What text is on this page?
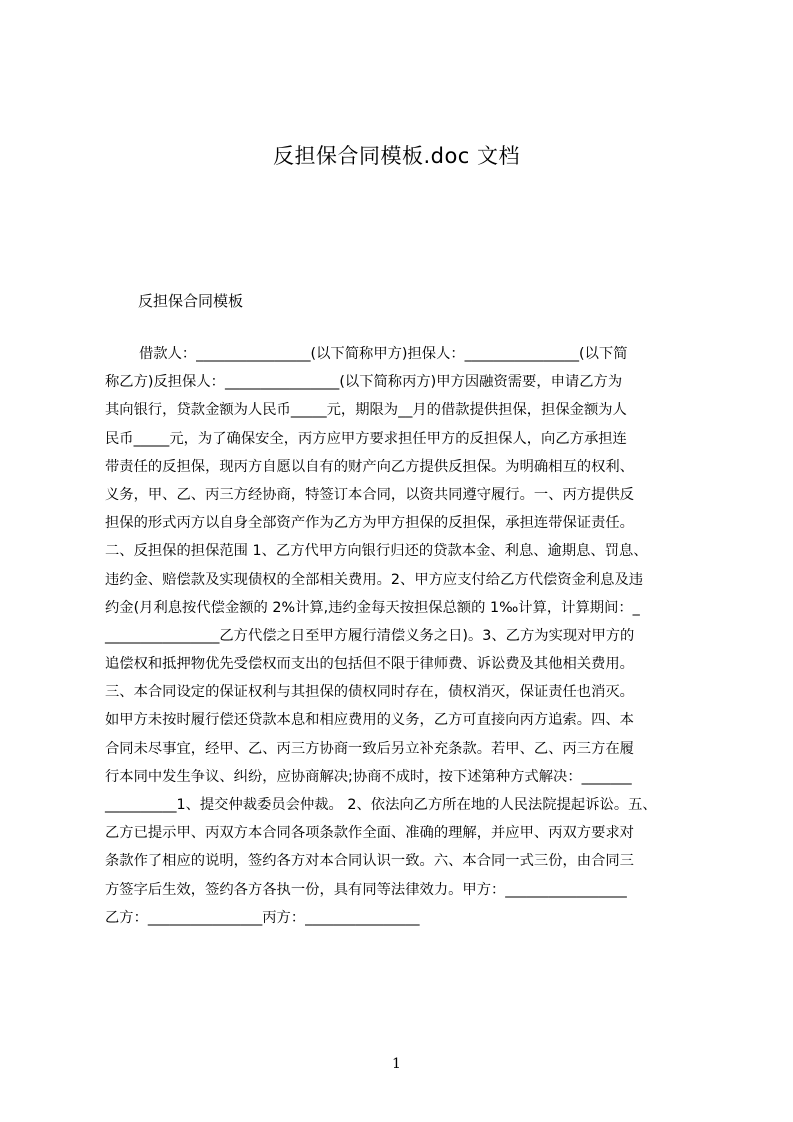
反担保合同模板.doc 文档
反担保合同模板
借款人：________________(以下简称甲方)担保人：________________(以下简
称乙方)反担保人：________________(以下简称丙方)甲方因融资需要，申请乙方为
其向银行，贷款金额为人民币_____元，期限为__月的借款提供担保，担保金额为人
民币_____元，为了确保安全，丙方应甲方要求担任甲方的反担保人，向乙方承担连
带责任的反担保，现丙方自愿以自有的财产向乙方提供反担保。为明确相互的权利、
义务，甲、乙、丙三方经协商，特签订本合同，以资共同遵守履行。一、丙方提供反
担保的形式丙方以自身全部资产作为乙方为甲方担保的反担保，承担连带保证责任。
二、反担保的担保范围 1、乙方代甲方向银行归还的贷款本金、利息、逾期息、罚息、
违约金、赔偿款及实现债权的全部相关费用。2、甲方应支付给乙方代偿资金利息及违
约金(月利息按代偿金额的 2%计算,违约金每天按担保总额的 1‰计算，计算期间：_
________________乙方代偿之日至甲方履行清偿义务之日)。3、乙方为实现对甲方的
追偿权和抵押物优先受偿权而支出的包括但不限于律师费、诉讼费及其他相关费用。
三、本合同设定的保证权利与其担保的债权同时存在，债权消灭，保证责任也消灭。
如甲方未按时履行偿还贷款本息和相应费用的义务，乙方可直接向丙方追索。四、本
合同未尽事宜，经甲、乙、丙三方协商一致后另立补充条款。若甲、乙、丙三方在履
行本同中发生争议、纠纷，应协商解决;协商不成时，按下述第种方式解决：_______
__________1、提交仲裁委员会仲裁。 2、依法向乙方所在地的人民法院提起诉讼。五、
乙方已提示甲、丙双方本合同各项条款作全面、准确的理解，并应甲、丙双方要求对
条款作了相应的说明，签约各方对本合同认识一致。六、本合同一式三份，由合同三
方签字后生效，签约各方各执一份，具有同等法律效力。甲方：_________________
乙方：________________丙方：________________
1
